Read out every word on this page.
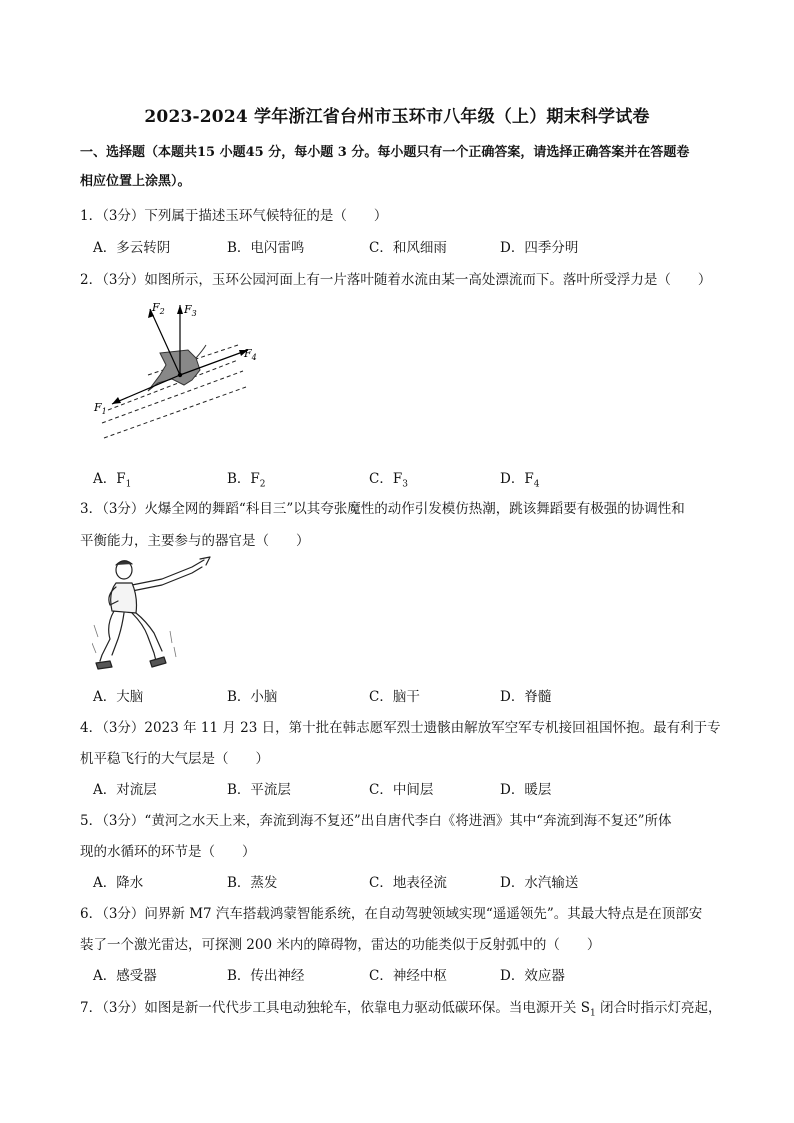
2023-2024 学年浙江省台州市玉环市八年级（上）期末科学试卷
一、选择题（本题共15 小题45 分，每小题 3 分。每小题只有一个正确答案，请选择正确答案并在答题卷
相应位置上涂黑）。
1．（3分）下列属于描述玉环气候特征的是（　　）
A．多云转阴	B．电闪雷鸣	C．和风细雨	D．四季分明
2．（3分）如图所示，玉环公园河面上有一片落叶随着水流由某一高处漂流而下。落叶所受浮力是（　　）
$F_2$ $F_3$
$F_4$
$F_1$
A．$F_1$	B．$F_2$	C．$F_3$	D．$F_4$
3．（3分）火爆全网的舞蹈“科目三”以其夸张魔性的动作引发模仿热潮，跳该舞蹈要有极强的协调性和
平衡能力，主要参与的器官是（　　）
A．大脑	B．小脑	C．脑干	D．脊髓
4．（3分）2023 年 11 月 23 日，第十批在韩志愿军烈士遗骸由解放军空军专机接回祖国怀抱。最有利于专
机平稳飞行的大气层是（　　）
A．对流层	B．平流层	C．中间层	D．暖层
5．（3分）“黄河之水天上来，奔流到海不复还”出自唐代李白《将进酒》其中“奔流到海不复还”所体
现的水循环的环节是（　　）
A．降水	B．蒸发	C．地表径流	D．水汽输送
6．（3分）问界新 M7 汽车搭载鸿蒙智能系统，在自动驾驶领域实现“遥遥领先”。其最大特点是在顶部安
装了一个激光雷达，可探测 200 米内的障碍物，雷达的功能类似于反射弧中的（　　）
A．感受器	B．传出神经	C．神经中枢	D．效应器
7．（3分）如图是新一代代步工具电动独轮车，依靠电力驱动低碳环保。当电源开关 $S_1$ 闭合时指示灯亮起，
